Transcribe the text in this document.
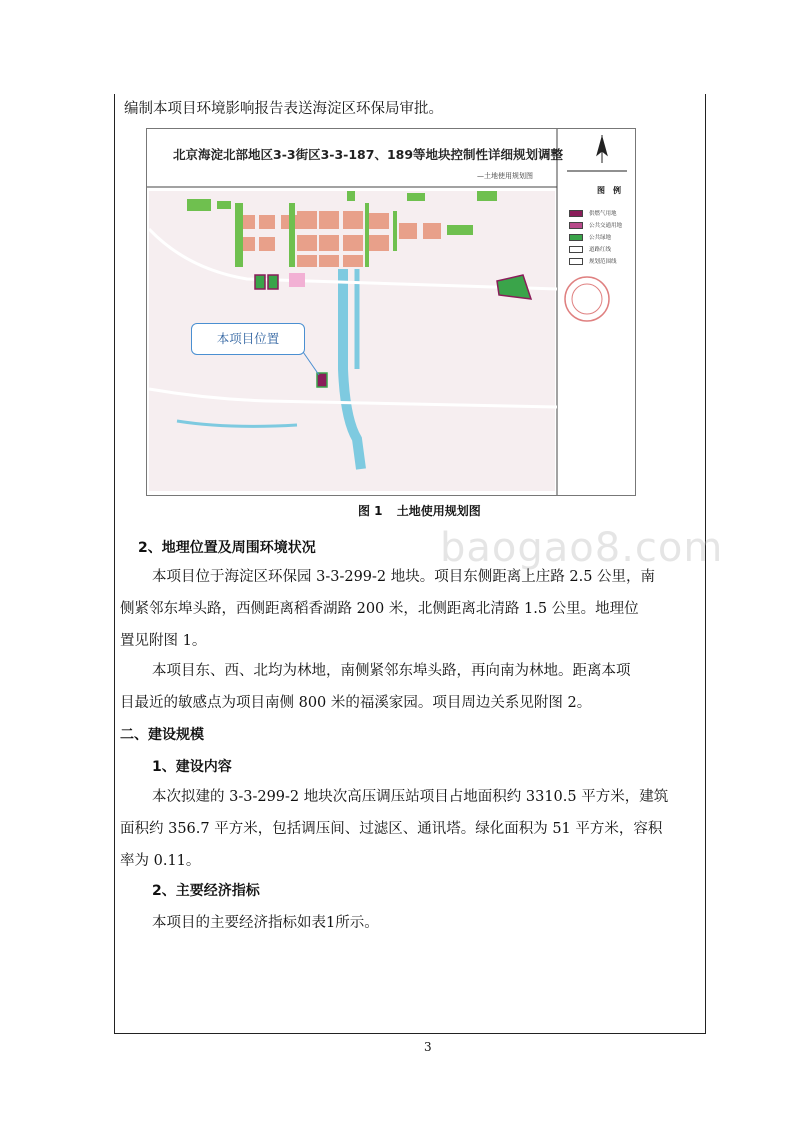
编制本项目环境影响报告表送海淀区环保局审批。
北京海淀北部地区3-3街区3-3-187、189等地块控制性详细规划调整
—土地使用规划图
图　例
供燃气用地
公共交通用地
公共绿地
道路红线
规划范围线
本项目位置
图 1 土地使用规划图
baogao8.com
2、地理位置及周围环境状况
本项目位于海淀区环保园 3-3-299-2 地块。项目东侧距离上庄路 2.5 公里，南
侧紧邻东埠头路，西侧距离稻香湖路 200 米，北侧距离北清路 1.5 公里。地理位
置见附图 1。
本项目东、西、北均为林地，南侧紧邻东埠头路，再向南为林地。距离本项
目最近的敏感点为项目南侧 800 米的福溪家园。项目周边关系见附图 2。
二、建设规模
1、建设内容
本次拟建的 3-3-299-2 地块次高压调压站项目占地面积约 3310.5 平方米，建筑
面积约 356.7 平方米，包括调压间、过滤区、通讯塔。绿化面积为 51 平方米，容积
率为 0.11。
2、主要经济指标
本项目的主要经济指标如表1所示。
3
